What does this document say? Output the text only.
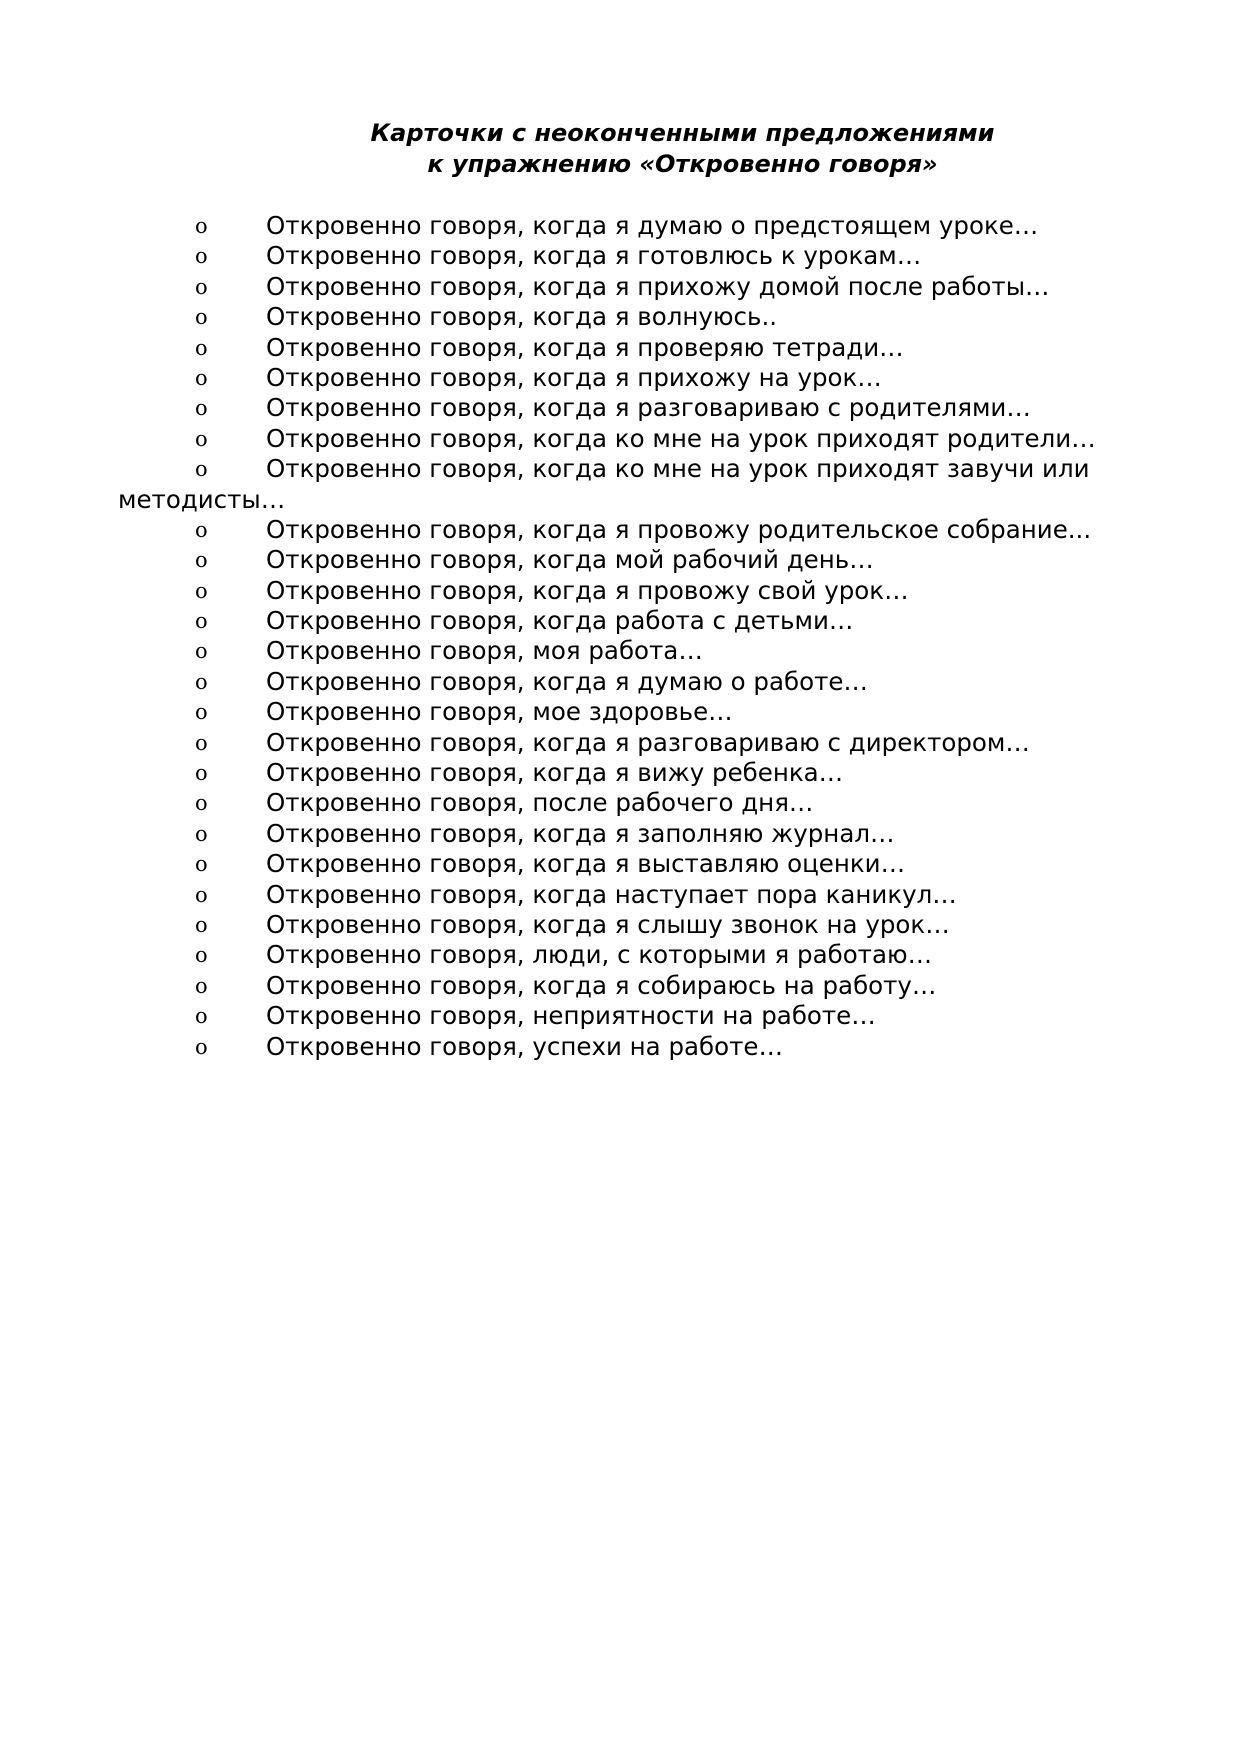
Карточки с неоконченными предложениями
к упражнению «Откровенно говоря»
o Откровенно говоря, когда я думаю о предстоящем уроке…
o Откровенно говоря, когда я готовлюсь к урокам…
o Откровенно говоря, когда я прихожу домой после работы…
o Откровенно говоря, когда я волнуюсь..
o Откровенно говоря, когда я проверяю тетради…
o Откровенно говоря, когда я прихожу на урок…
o Откровенно говоря, когда я разговариваю с родителями…
o Откровенно говоря, когда ко мне на урок приходят родители…
o Откровенно говоря, когда ко мне на урок приходят завучи или
методисты…
o Откровенно говоря, когда я провожу родительское собрание...
o Откровенно говоря, когда мой рабочий день…
o Откровенно говоря, когда я провожу свой урок…
o Откровенно говоря, когда работа с детьми…
o Откровенно говоря, моя работа…
o Откровенно говоря, когда я думаю о работе…
o Откровенно говоря, мое здоровье…
o Откровенно говоря, когда я разговариваю с директором…
o Откровенно говоря, когда я вижу ребенка…
o Откровенно говоря, после рабочего дня…
o Откровенно говоря, когда я заполняю журнал…
o Откровенно говоря, когда я выставляю оценки…
o Откровенно говоря, когда наступает пора каникул…
o Откровенно говоря, когда я слышу звонок на урок…
o Откровенно говоря, люди, с которыми я работаю…
o Откровенно говоря, когда я собираюсь на работу…
o Откровенно говоря, неприятности на работе…
o Откровенно говоря, успехи на работе…
